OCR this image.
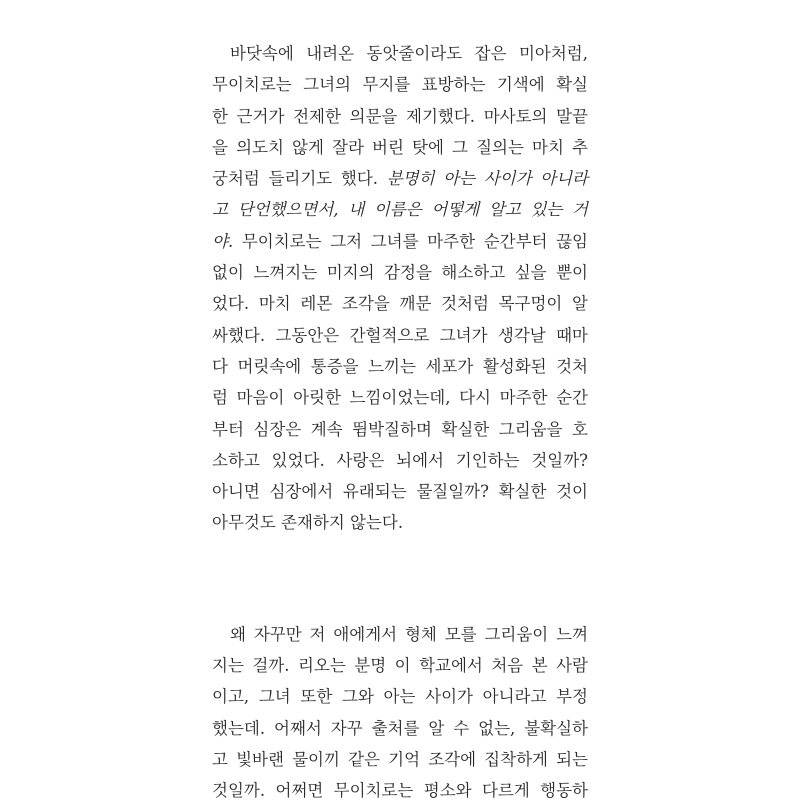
바닷속에 내려온 동앗줄이라도 잡은 미아처럼,
무이치로는 그녀의 무지를 표방하는 기색에 확실
한 근거가 전제한 의문을 제기했다. 마사토의 말끝
을 의도치 않게 잘라 버린 탓에 그 질의는 마치 추
궁처럼 들리기도 했다. 분명히 아는 사이가 아니라
고 단언했으면서, 내 이름은 어떻게 알고 있는 거
야. 무이치로는 그저 그녀를 마주한 순간부터 끊임
없이 느껴지는 미지의 감정을 해소하고 싶을 뿐이
었다. 마치 레몬 조각을 깨문 것처럼 목구멍이 알
싸했다. 그동안은 간헐적으로 그녀가 생각날 때마
다 머릿속에 통증을 느끼는 세포가 활성화된 것처
럼 마음이 아릿한 느낌이었는데, 다시 마주한 순간
부터 심장은 계속 뜀박질하며 확실한 그리움을 호
소하고 있었다. 사랑은 뇌에서 기인하는 것일까?
아니면 심장에서 유래되는 물질일까? 확실한 것이
아무것도 존재하지 않는다.
왜 자꾸만 저 애에게서 형체 모를 그리움이 느껴
지는 걸까. 리오는 분명 이 학교에서 처음 본 사람
이고, 그녀 또한 그와 아는 사이가 아니라고 부정
했는데. 어째서 자꾸 출처를 알 수 없는, 불확실하
고 빛바랜 물이끼 같은 기억 조각에 집착하게 되는
것일까. 어쩌면 무이치로는 평소와 다르게 행동하
